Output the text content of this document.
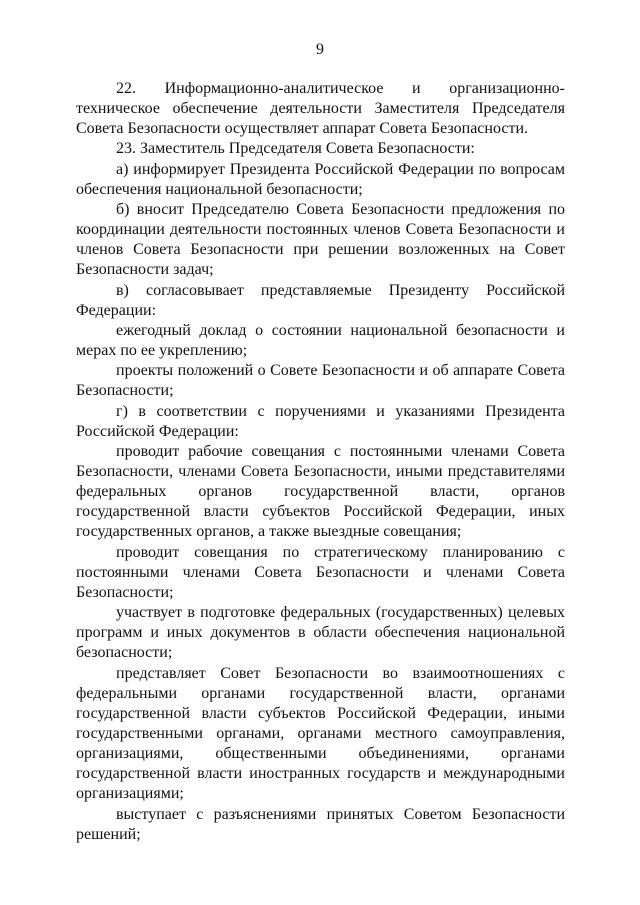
9

22. Информационно-аналитическое и организационно-техническое обеспечение деятельности Заместителя Председателя Совета Безопасности осуществляет аппарат Совета Безопасности.

23. Заместитель Председателя Совета Безопасности:

а) информирует Президента Российской Федерации по вопросам обеспечения национальной безопасности;

б) вносит Председателю Совета Безопасности предложения по координации деятельности постоянных членов Совета Безопасности и членов Совета Безопасности при решении возложенных на Совет Безопасности задач;

в) согласовывает представляемые Президенту Российской Федерации:

ежегодный доклад о состоянии национальной безопасности и мерах по ее укреплению;

проекты положений о Совете Безопасности и об аппарате Совета Безопасности;

г) в соответствии с поручениями и указаниями Президента Российской Федерации:

проводит рабочие совещания с постоянными членами Совета Безопасности, членами Совета Безопасности, иными представителями федеральных органов государственной власти, органов государственной власти субъектов Российской Федерации, иных государственных органов, а также выездные совещания;

проводит совещания по стратегическому планированию с постоянными членами Совета Безопасности и членами Совета Безопасности;

участвует в подготовке федеральных (государственных) целевых программ и иных документов в области обеспечения национальной безопасности;

представляет Совет Безопасности во взаимоотношениях с федеральными органами государственной власти, органами государственной власти субъектов Российской Федерации, иными государственными органами, органами местного самоуправления, организациями, общественными объединениями, органами государственной власти иностранных государств и международными организациями;

выступает с разъяснениями принятых Советом Безопасности решений;
